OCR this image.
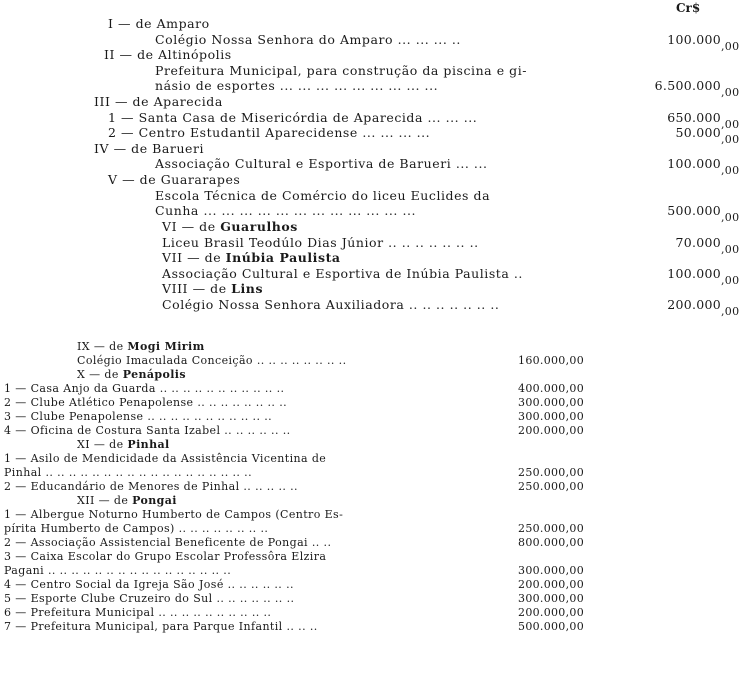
Cr$
I — de Amparo
Colégio Nossa Senhora do Amparo ... ... ... ..	100.000,00
II — de Altinópolis
Prefeitura Municipal, para construção da piscina e gi-
násio de esportes ... ... ... ... ... ... ... ... ...	6.500.000,00
III — de Aparecida
1 — Santa Casa de Misericórdia de Aparecida ... ... ...	650.000,00
2 — Centro Estudantil Aparecidense ... ... ... ...	50.000,00
IV — de Barueri
Associação Cultural e Esportiva de Barueri ... ...	100.000,00
V — de Guararapes
Escola Técnica de Comércio do liceu Euclides da
Cunha ... ... ... ... ... ... ... ... ... ... ... ...	500.000,00
VI — de Guarulhos
Liceu Brasil Teodúlo Dias Júnior .. .. .. .. .. .. ..	70.000,00
VII — de Inúbia Paulista
Associação Cultural e Esportiva de Inúbia Paulista ..	100.000,00
VIII — de Lins
Colégio Nossa Senhora Auxiliadora .. .. .. .. .. .. ..	200.000,00
IX — de Mogi Mirim
Colégio Imaculada Conceição .. .. .. .. .. .. .. ..	160.000,00
X — de Penápolis
1 — Casa Anjo da Guarda .. .. .. .. .. .. .. .. .. .. ..	400.000,00
2 — Clube Atlético Penapolense .. .. .. .. .. .. .. ..	300.000,00
3 — Clube Penapolense .. .. .. .. .. .. .. .. .. .. ..	300.000,00
4 — Oficina de Costura Santa Izabel .. .. .. .. .. ..	200.000,00
XI — de Pinhal
1 — Asilo de Mendicidade da Assistência Vicentina de
Pinhal .. .. .. .. .. .. .. .. .. .. .. .. .. .. .. .. .. ..	250.000,00
2 — Educandário de Menores de Pinhal .. .. .. .. ..	250.000,00
XII — de Pongai
1 — Albergue Noturno Humberto de Campos (Centro Es-
pírita Humberto de Campos) .. .. .. .. .. .. .. ..	250.000,00
2 — Associação Assistencial Beneficente de Pongai .. ..	800.000,00
3 — Caixa Escolar do Grupo Escolar Professôra Elzira
Pagani .. .. .. .. .. .. .. .. .. .. .. .. .. .. .. ..	300.000,00
4 — Centro Social da Igreja São José .. .. .. .. .. ..	200.000,00
5 — Esporte Clube Cruzeiro do Sul .. .. .. .. .. .. ..	300.000,00
6 — Prefeitura Municipal .. .. .. .. .. .. .. .. .. ..	200.000,00
7 — Prefeitura Municipal, para Parque Infantil .. .. ..	500.000,00
